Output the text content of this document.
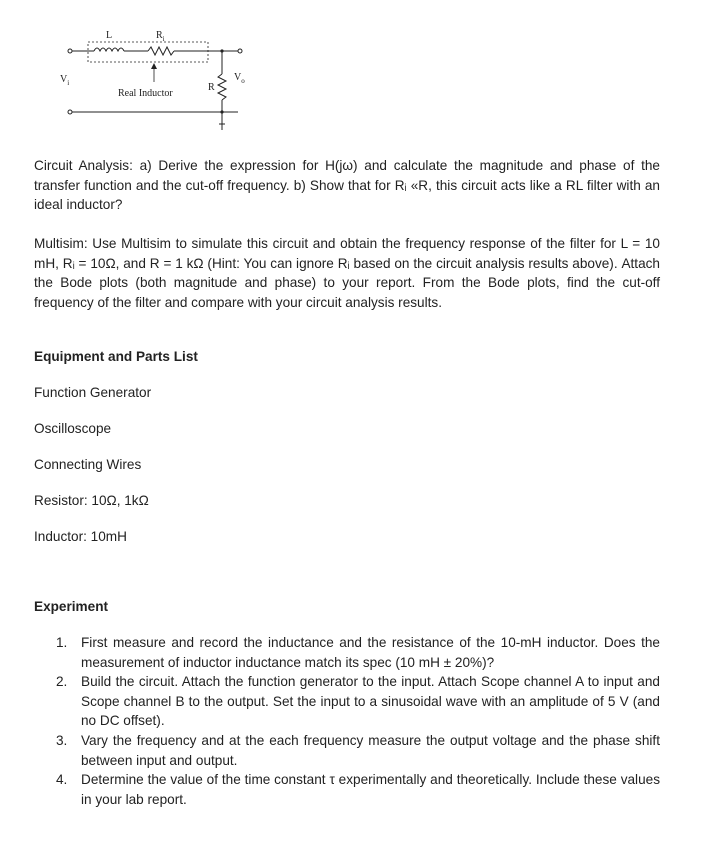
L	$R_i$
$V_i$	R
$V_o$
Real Inductor

Circuit Analysis: a) Derive the expression for H(jω) and calculate the magnitude and phase of the transfer function and the cut-off frequency. b) Show that for Rᵢ «R, this circuit acts like a RL filter with an ideal inductor?

Multisim: Use Multisim to simulate this circuit and obtain the frequency response of the filter for L = 10 mH, Rᵢ = 10Ω, and R = 1 kΩ (Hint: You can ignore Rᵢ based on the circuit analysis results above). Attach the Bode plots (both magnitude and phase) to your report. From the Bode plots, find the cut-off frequency of the filter and compare with your circuit analysis results.

Equipment and Parts List

Function Generator

Oscilloscope

Connecting Wires

Resistor: 10Ω, 1kΩ

Inductor: 10mH

Experiment

1. First measure and record the inductance and the resistance of the 10-mH inductor. Does the measurement of inductor inductance match its spec (10 mH ± 20%)?
2. Build the circuit. Attach the function generator to the input. Attach Scope channel A to input and Scope channel B to the output. Set the input to a sinusoidal wave with an amplitude of 5 V (and no DC offset).
3. Vary the frequency and at the each frequency measure the output voltage and the phase shift between input and output.
4. Determine the value of the time constant τ experimentally and theoretically. Include these values in your lab report.
